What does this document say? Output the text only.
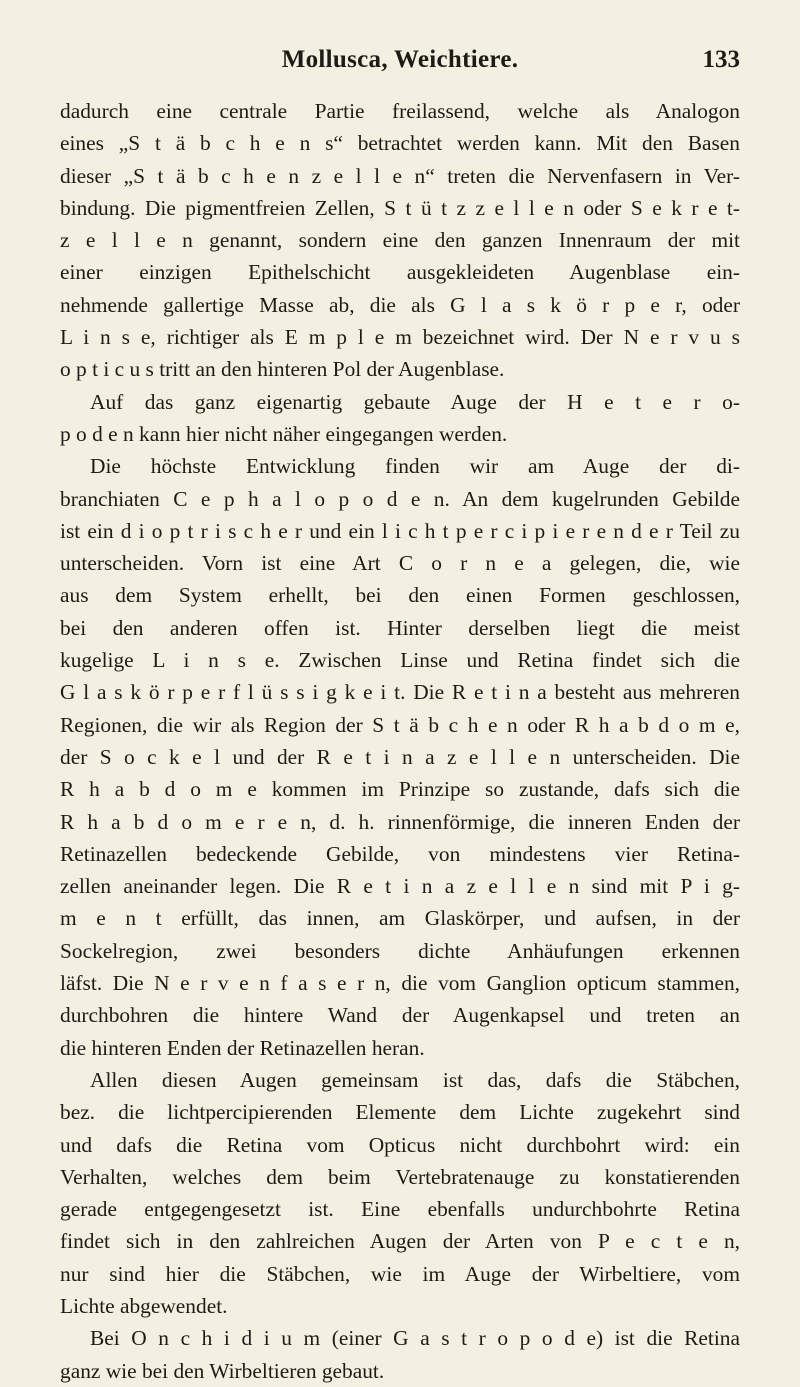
Mollusca, Weichtiere.	133

dadurch eine centrale Partie freilassend, welche als Analogon

eines „S t ä b c h e n s“ betrachtet werden kann. Mit den Basen

dieser „S t ä b c h e n z e l l e n“ treten die Nervenfasern in Ver-

bindung. Die pigmentfreien Zellen, S t ü t z z e l l e n oder S e k r e t-

z e l l e n genannt, sondern eine den ganzen Innenraum der mit

einer einzigen Epithelschicht ausgekleideten Augenblase ein-

nehmende gallertige Masse ab, die als G l a s k ö r p e r, oder

L i n s e, richtiger als E m p l e m bezeichnet wird. Der N e r v u s

o p t i c u s tritt an den hinteren Pol der Augenblase.

Auf das ganz eigenartig gebaute Auge der H e t e r o-

p o d e n kann hier nicht näher eingegangen werden.

Die höchste Entwicklung finden wir am Auge der di-

branchiaten C e p h a l o p o d e n. An dem kugelrunden Gebilde

ist ein d i o p t r i s c h e r und ein l i c h t p e r c i p i e r e n d e r Teil zu

unterscheiden. Vorn ist eine Art C o r n e a gelegen, die, wie

aus dem System erhellt, bei den einen Formen geschlossen,

bei den anderen offen ist. Hinter derselben liegt die meist

kugelige L i n s e. Zwischen Linse und Retina findet sich die

G l a s k ö r p e r f l ü s s i g k e i t. Die R e t i n a besteht aus mehreren

Regionen, die wir als Region der S t ä b c h e n oder R h a b d o m e,

der S o c k e l und der R e t i n a z e l l e n unterscheiden. Die

R h a b d o m e kommen im Prinzipe so zustande, dafs sich die

R h a b d o m e r e n, d. h. rinnenförmige, die inneren Enden der

Retinazellen bedeckende Gebilde, von mindestens vier Retina-

zellen aneinander legen. Die R e t i n a z e l l e n sind mit P i g-

m e n t erfüllt, das innen, am Glaskörper, und aufsen, in der

Sockelregion, zwei besonders dichte Anhäufungen erkennen

läfst. Die N e r v e n f a s e r n, die vom Ganglion opticum stammen,

durchbohren die hintere Wand der Augenkapsel und treten an

die hinteren Enden der Retinazellen heran.

Allen diesen Augen gemeinsam ist das, dafs die Stäbchen,

bez. die lichtpercipierenden Elemente dem Lichte zugekehrt sind

und dafs die Retina vom Opticus nicht durchbohrt wird: ein

Verhalten, welches dem beim Vertebratenauge zu konstatierenden

gerade entgegengesetzt ist. Eine ebenfalls undurchbohrte Retina

findet sich in den zahlreichen Augen der Arten von P e c t e n,

nur sind hier die Stäbchen, wie im Auge der Wirbeltiere, vom

Lichte abgewendet.

Bei O n c h i d i u m (einer G a s t r o p o d e) ist die Retina

ganz wie bei den Wirbeltieren gebaut.
